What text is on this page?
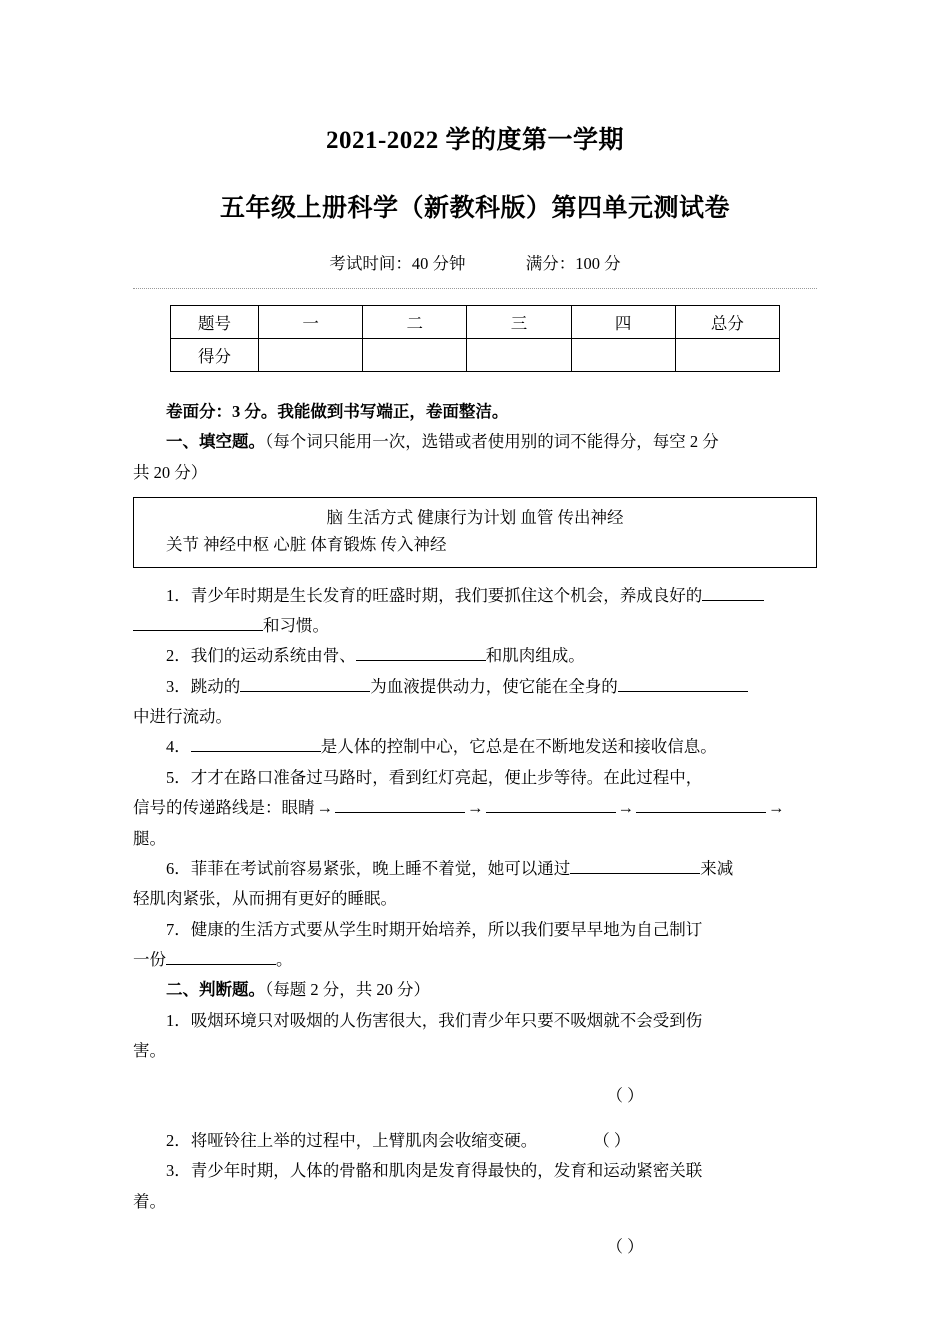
2021-2022 学的度第一学期
五年级上册科学（新教科版）第四单元测试卷
考试时间：40 分钟	满分：100 分
题号	一	二	三	四	总分
得分					

卷面分：3 分。我能做到书写端正，卷面整洁。

一、填空题。（每个词只能用一次，选错或者使用别的词不能得分，每空 2 分

共 20 分）

脑 生活方式 健康行为计划 血管 传出神经
关节 神经中枢 心脏 体育锻炼 传入神经

1．青少年时期是生长发育的旺盛时期，我们要抓住这个机会，养成良好的

和习惯。

2．我们的运动系统由骨、	和肌肉组成。

3．跳动的	为血液提供动力，使它能在全身的

中进行流动。

4．	是人体的控制中心，它总是在不断地发送和接收信息。

5．才才在路口准备过马路时，看到红灯亮起，便止步等待。在此过程中，

信号的传递路线是：眼睛 →	→	→	→

腿。

6．菲菲在考试前容易紧张，晚上睡不着觉，她可以通过	来减

轻肌肉紧张，从而拥有更好的睡眠。

7．健康的生活方式要从学生时期开始培养，所以我们要早早地为自己制订

一份	。

二、判断题。（每题 2 分，共 20 分）

1．吸烟环境只对吸烟的人伤害很大，我们青少年只要不吸烟就不会受到伤

害。

（ ）

2．将哑铃往上举的过程中，上臂肌肉会收缩变硬。	（ ）

3．青少年时期，人体的骨骼和肌肉是发育得最快的，发育和运动紧密关联

着。

（ ）
